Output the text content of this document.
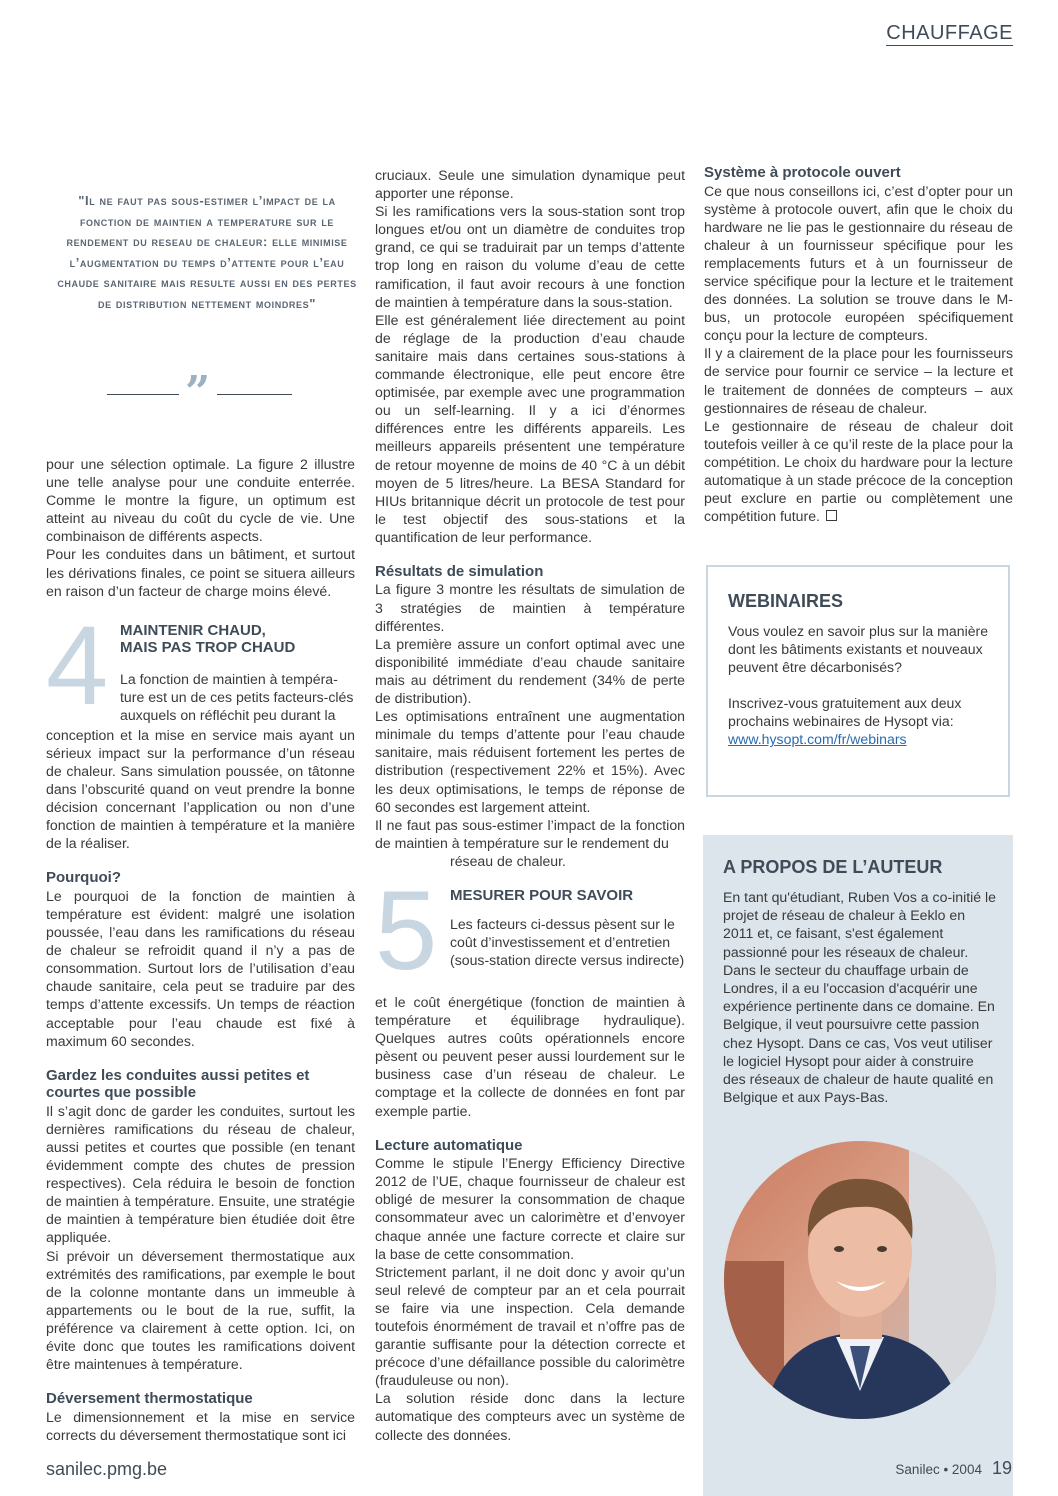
CHAUFFAGE
"Il ne faut pas sous-estimer l’impact de la fonction de maintien a temperature sur le rendement du reseau de chaleur: elle minimise l’augmentation du temps d’attente pour l’eau chaude sanitaire mais resulte aussi en des pertes de distribution nettement moindres"
”

pour une sélection optimale. La figure 2 illustre une telle analyse pour une conduite enterrée. Comme le montre la figure, un optimum est atteint au niveau du coût du cycle de vie. Une combinaison de différents aspects.

Pour les conduites dans un bâtiment, et surtout les dérivations finales, ce point se situera ailleurs en raison d’un facteur de charge moins élevé.

4 MAINTENIR CHAUD,
MAIS PAS TROP CHAUD
La fonction de maintien à tempéra-
ture est un de ces petits facteurs-clés
auxquels on réfléchit peu durant la

conception et la mise en service mais ayant un sérieux impact sur la performance d’un réseau de chaleur. Sans simulation poussée, on tâtonne dans l’obscurité quand on veut prendre la bonne décision concernant l’application ou non d’une fonction de maintien à température et la manière de la réaliser.

Pourquoi?

Le pourquoi de la fonction de maintien à température est évident: malgré une isolation poussée, l’eau dans les ramifications du réseau de chaleur se refroidit quand il n’y a pas de consommation. Surtout lors de l’utilisation d’eau chaude sanitaire, cela peut se traduire par des temps d’attente excessifs. Un temps de réaction acceptable pour l’eau chaude est fixé à maximum 60 secondes.

Gardez les conduites aussi petites et courtes que possible

Il s’agit donc de garder les conduites, surtout les dernières ramifications du réseau de chaleur, aussi petites et courtes que possible (en tenant évidemment compte des chutes de pression respectives). Cela réduira le besoin de fonction de maintien à température. Ensuite, une stratégie de maintien à température bien étudiée doit être appliquée.

Si prévoir un déversement thermostatique aux extrémités des ramifications, par exemple le bout de la colonne montante dans un immeuble à appartements ou le bout de la rue, suffit, la préférence va clairement à cette option. Ici, on évite donc que toutes les ramifications doivent être maintenues à température.

Déversement thermostatique

Le dimensionnement et la mise en service corrects du déversement thermostatique sont ici

cruciaux. Seule une simulation dynamique peut apporter une réponse.

Si les ramifications vers la sous-station sont trop longues et/ou ont un diamètre de conduites trop grand, ce qui se traduirait par un temps d’attente trop long en raison du volume d’eau de cette ramification, il faut avoir recours à une fonction de maintien à température dans la sous-station.

Elle est généralement liée directement au point de réglage de la production d’eau chaude sanitaire mais dans certaines sous-stations à commande électronique, elle peut encore être optimisée, par exemple avec une programmation ou un self-learning. Il y a ici d’énormes différences entre les différents appareils. Les meilleurs appareils présentent une température de retour moyenne de moins de 40 °C à un débit moyen de 5 litres/heure. La BESA Standard for HIUs britannique décrit un protocole de test pour le test objectif des sous-stations et la quantification de leur performance.

Résultats de simulation

La figure 3 montre les résultats de simulation de 3 stratégies de maintien à température différentes.

La première assure un confort optimal avec une disponibilité immédiate d’eau chaude sanitaire mais au détriment du rendement (34% de perte de distribution).

Les optimisations entraînent une augmentation minimale du temps d’attente pour l’eau chaude sanitaire, mais réduisent fortement les pertes de distribution (respectivement 22% et 15%). Avec les deux optimisations, le temps de réponse de 60 secondes est largement atteint.

Il ne faut pas sous-estimer l’impact de la fonction de maintien à température sur le rendement du

réseau de chaleur.

5 MESURER POUR SAVOIR
Les facteurs ci-dessus pèsent sur le
coût d’investissement et d’entretien
(sous-station directe versus indirecte)

et le coût énergétique (fonction de maintien à température et équilibrage hydraulique). Quelques autres coûts opérationnels encore pèsent ou peuvent peser aussi lourdement sur le business case d’un réseau de chaleur. Le comptage et la collecte de données en font par exemple partie.

Lecture automatique

Comme le stipule l’Energy Efficiency Directive 2012 de l’UE, chaque fournisseur de chaleur est obligé de mesurer la consommation de chaque consommateur avec un calorimètre et d’envoyer chaque année une facture correcte et claire sur la base de cette consommation.

Strictement parlant, il ne doit donc y avoir qu’un seul relevé de compteur par an et cela pourrait se faire via une inspection. Cela demande toutefois énormément de travail et n’offre pas de garantie suffisante pour la détection correcte et précoce d’une défaillance possible du calorimètre (frauduleuse ou non).

La solution réside donc dans la lecture automatique des compteurs avec un système de collecte des données.

Système à protocole ouvert

Ce que nous conseillons ici, c’est d’opter pour un système à protocole ouvert, afin que le choix du hardware ne lie pas le gestionnaire du réseau de chaleur à un fournisseur spécifique pour les remplacements futurs et à un fournisseur de service spécifique pour la lecture et le traitement des données. La solution se trouve dans le M-bus, un protocole européen spécifiquement conçu pour la lecture de compteurs.

Il y a clairement de la place pour les fournisseurs de service pour fournir ce service – la lecture et le traitement de données de compteurs – aux gestionnaires de réseau de chaleur.

Le gestionnaire de réseau de chaleur doit toutefois veiller à ce qu’il reste de la place pour la compétition. Le choix du hardware pour la lecture automatique à un stade précoce de la conception peut exclure en partie ou complètement une compétition future.

WEBINAIRES

Vous voulez en savoir plus sur la manière dont les bâtiments existants et nouveaux peuvent être décarbonisés?

Inscrivez-vous gratuitement aux deux prochains webinaires de Hysopt via:

www.hysopt.com/fr/webinars
A PROPOS DE L’AUTEUR
En tant qu'étudiant, Ruben Vos a co-initié le projet de réseau de chaleur à Eeklo en 2011 et, ce faisant, s'est également passionné pour les réseaux de chaleur. Dans le secteur du chauffage urbain de Londres, il a eu l'occasion d'acquérir une expérience pertinente dans ce domaine. En Belgique, il veut poursuivre cette passion chez Hysopt. Dans ce cas, Vos veut utiliser le logiciel Hysopt pour aider à construire des réseaux de chaleur de haute qualité en Belgique et aux Pays-Bas.
sanilec.pmg.be	Sanilec • 2004 19
